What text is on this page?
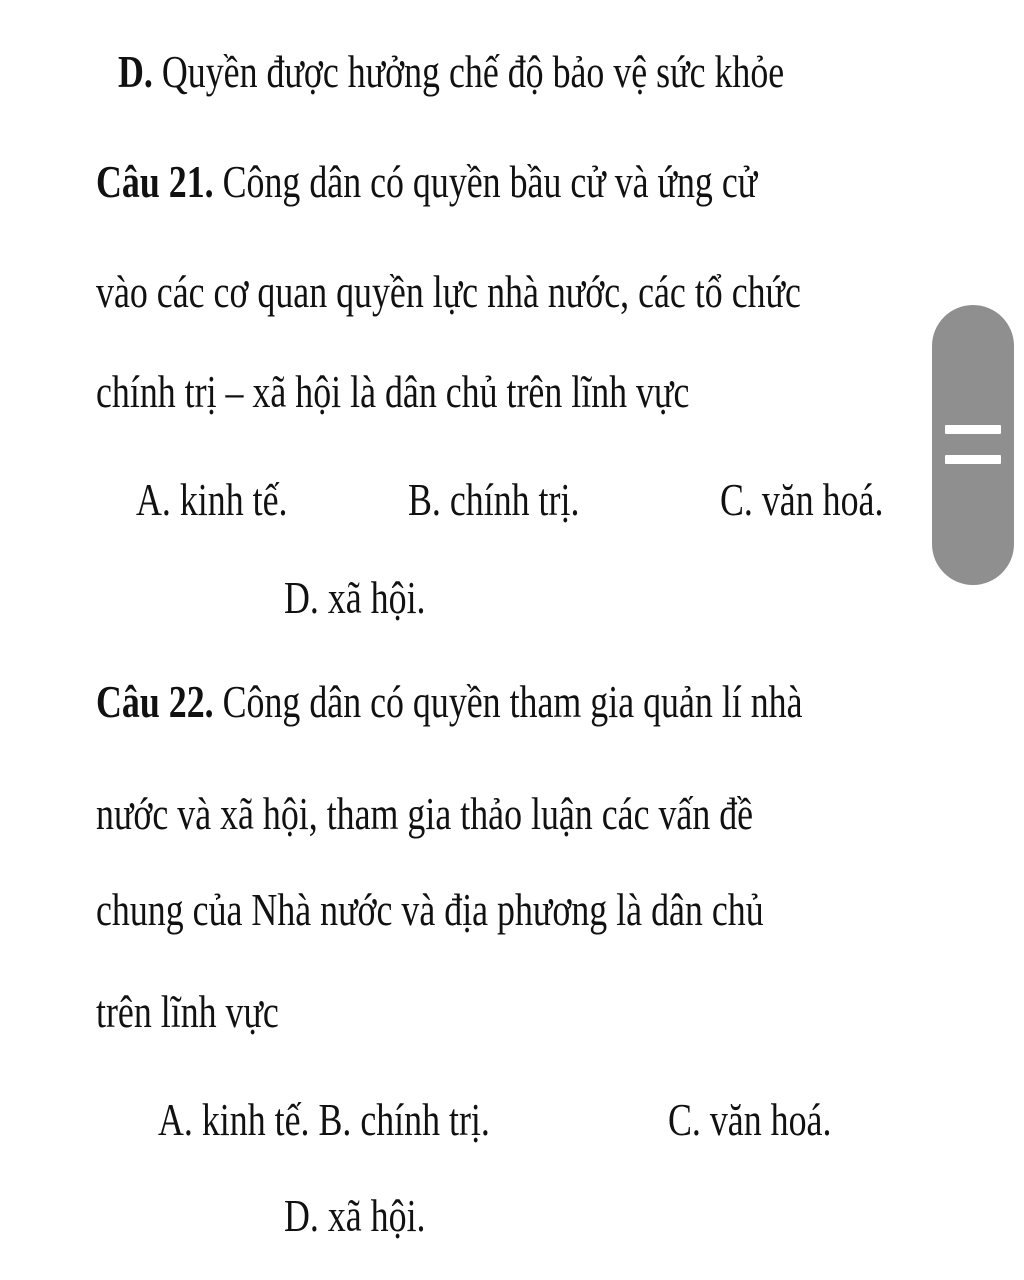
D. Quyền được hưởng chế độ bảo vệ sức khỏe
Câu 21. Công dân có quyền bầu cử và ứng cử
vào các cơ quan quyền lực nhà nước, các tổ chức
chính trị – xã hội là dân chủ trên lĩnh vực
A. kinh tế.	B. chính trị.	C. văn hoá.
D. xã hội.
Câu 22. Công dân có quyền tham gia quản lí nhà
nước và xã hội, tham gia thảo luận các vấn đề
chung của Nhà nước và địa phương là dân chủ
trên lĩnh vực
A. kinh tế. B. chính trị.	C. văn hoá.
D. xã hội.
